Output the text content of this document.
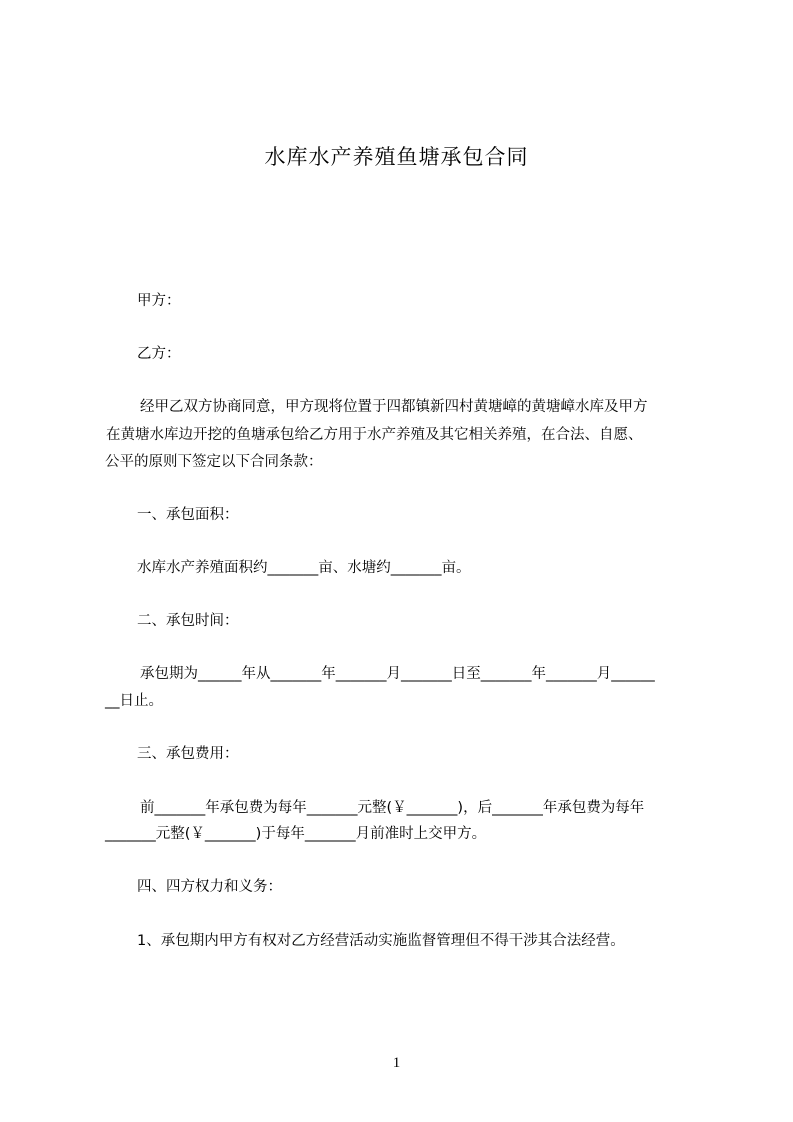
水库水产养殖鱼塘承包合同
甲方：
乙方：
经甲乙双方协商同意，甲方现将位置于四都镇新四村黄塘嶂的黄塘嶂水库及甲方
在黄塘水库边开挖的鱼塘承包给乙方用于水产养殖及其它相关养殖，在合法、自愿、
公平的原则下签定以下合同条款：
一、承包面积：
水库水产养殖面积约_______亩、水塘约_______亩。
二、承包时间：
承包期为______年从_______年_______月_______日至_______年_______月______
__日止。
三、承包费用：
前_______年承包费为每年_______元整(￥_______)，后_______年承包费为每年
_______元整(￥_______)于每年_______月前准时上交甲方。
四、四方权力和义务：
1、承包期内甲方有权对乙方经营活动实施监督管理但不得干涉其合法经营。
1
